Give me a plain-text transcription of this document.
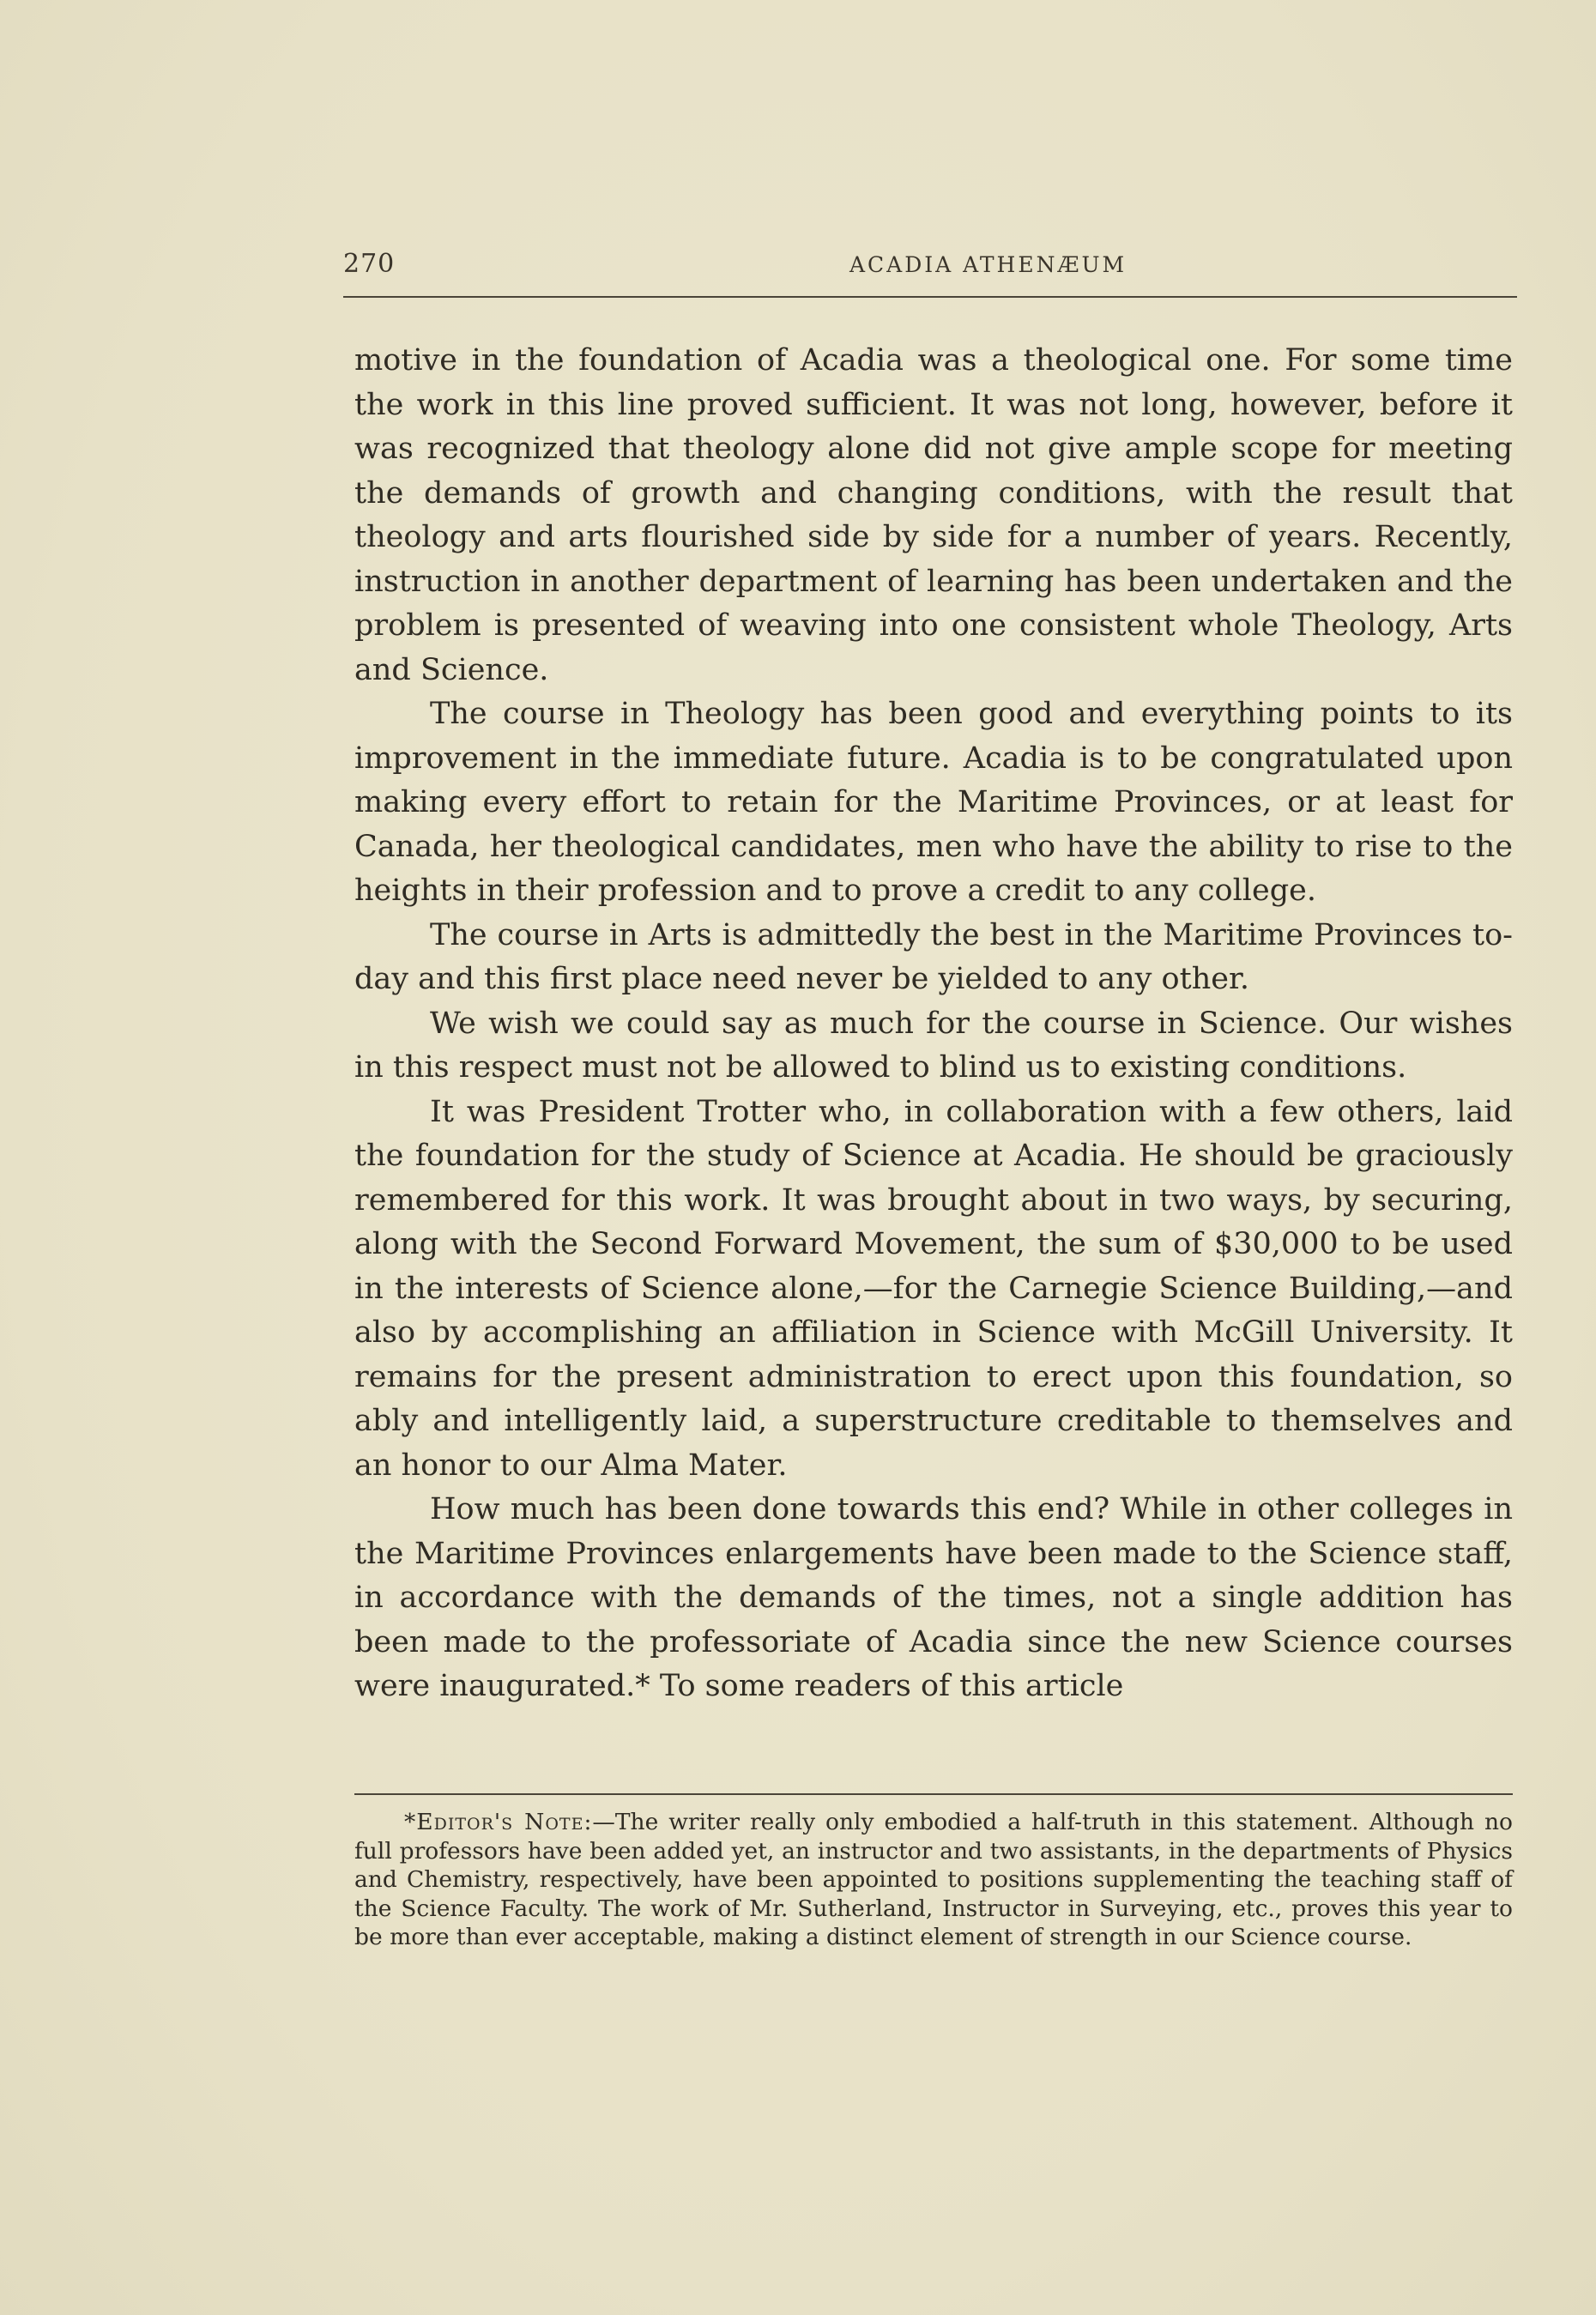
270	ACADIA ATHENÆUM

motive in the foundation of Acadia was a theological one. For some time the work in this line proved sufficient. It was not long, however, before it was recognized that theology alone did not give ample scope for meeting the demands of growth and changing conditions, with the result that theology and arts flourished side by side for a number of years. Recently, instruction in another department of learning has been undertaken and the problem is presented of weaving into one consistent whole Theology, Arts and Science.

The course in Theology has been good and everything points to its improvement in the immediate future. Acadia is to be congratulated upon making every effort to retain for the Maritime Provinces, or at least for Canada, her theological candidates, men who have the ability to rise to the heights in their profession and to prove a credit to any college.

The course in Arts is admittedly the best in the Maritime Provinces to-day and this first place need never be yielded to any other.

We wish we could say as much for the course in Science. Our wishes in this respect must not be allowed to blind us to existing conditions.

It was President Trotter who, in collaboration with a few others, laid the foundation for the study of Science at Acadia. He should be graciously remembered for this work. It was brought about in two ways, by securing, along with the Second Forward Movement, the sum of $30,000 to be used in the interests of Science alone,—for the Carnegie Science Building,—and also by accomplishing an affiliation in Science with McGill University. It remains for the present administration to erect upon this foundation, so ably and intelligently laid, a superstructure creditable to themselves and an honor to our Alma Mater.

How much has been done towards this end? While in other colleges in the Maritime Provinces enlargements have been made to the Science staff, in accordance with the demands of the times, not a single addition has been made to the professoriate of Acadia since the new Science courses were inaugurated.* To some readers of this article

*Editor's Note:—The writer really only embodied a half-truth in this statement. Although no full professors have been added yet, an instructor and two assistants, in the departments of Physics and Chemistry, respectively, have been appointed to positions supplementing the teaching staff of the Science Faculty. The work of Mr. Sutherland, Instructor in Surveying, etc., proves this year to be more than ever acceptable, making a distinct element of strength in our Science course.
